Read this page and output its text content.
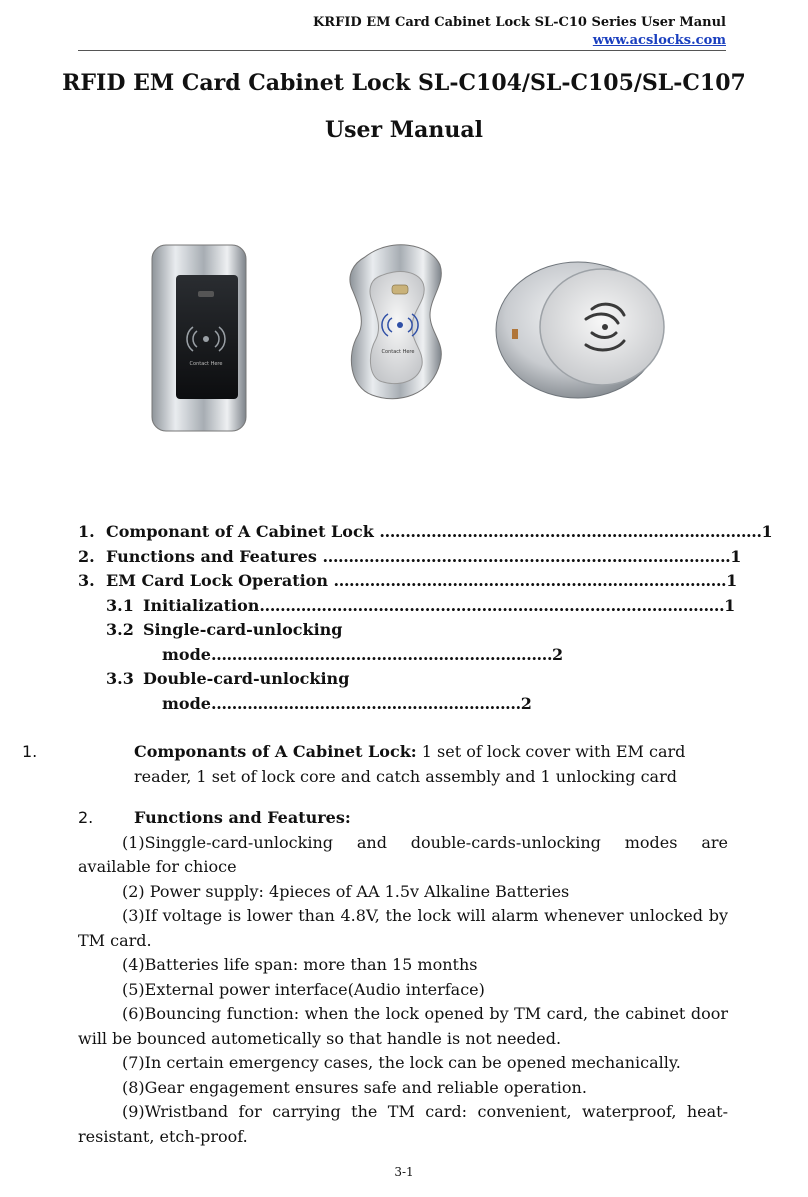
KRFID EM Card Cabinet Lock SL-C10 Series User Manul
www.acslocks.com
RFID EM Card Cabinet Lock SL-C104/SL-C105/SL-C107
User Manual
Contact Here
Contact Here
1. Componant of A Cabinet Lock ……………………………………………………..…………1
2. Functions and Features …………………………………………………...……………….1
3. EM Card Lock Operation ………………………………………………………………….1
3.1 Initialization……………………………………………...………………………………1
3.2 Single-card-unlocking
mode…………………………………………………………2
3.3 Double-card-unlocking
mode……………………………...……………………2
1.	Componants of A Cabinet Lock: 1 set of lock cover with EM card reader, 1 set of lock core and catch assembly and 1 unlocking card
2.	Functions and Features:
(1)Singgle-card-unlocking and double-cards-unlocking modes are available for chioce
(2) Power supply: 4pieces of AA 1.5v Alkaline Batteries
(3)If voltage is lower than 4.8V, the lock will alarm whenever unlocked by TM card.
(4)Batteries life span: more than 15 months
(5)External power interface(Audio interface)
(6)Bouncing function: when the lock opened by TM card, the cabinet door will be bounced autometically so that handle is not needed.
(7)In certain emergency cases, the lock can be opened mechanically.
(8)Gear engagement ensures safe and reliable operation.
(9)Wristband for carrying the TM card: convenient, waterproof, heat-resistant, etch-proof.
3-1
